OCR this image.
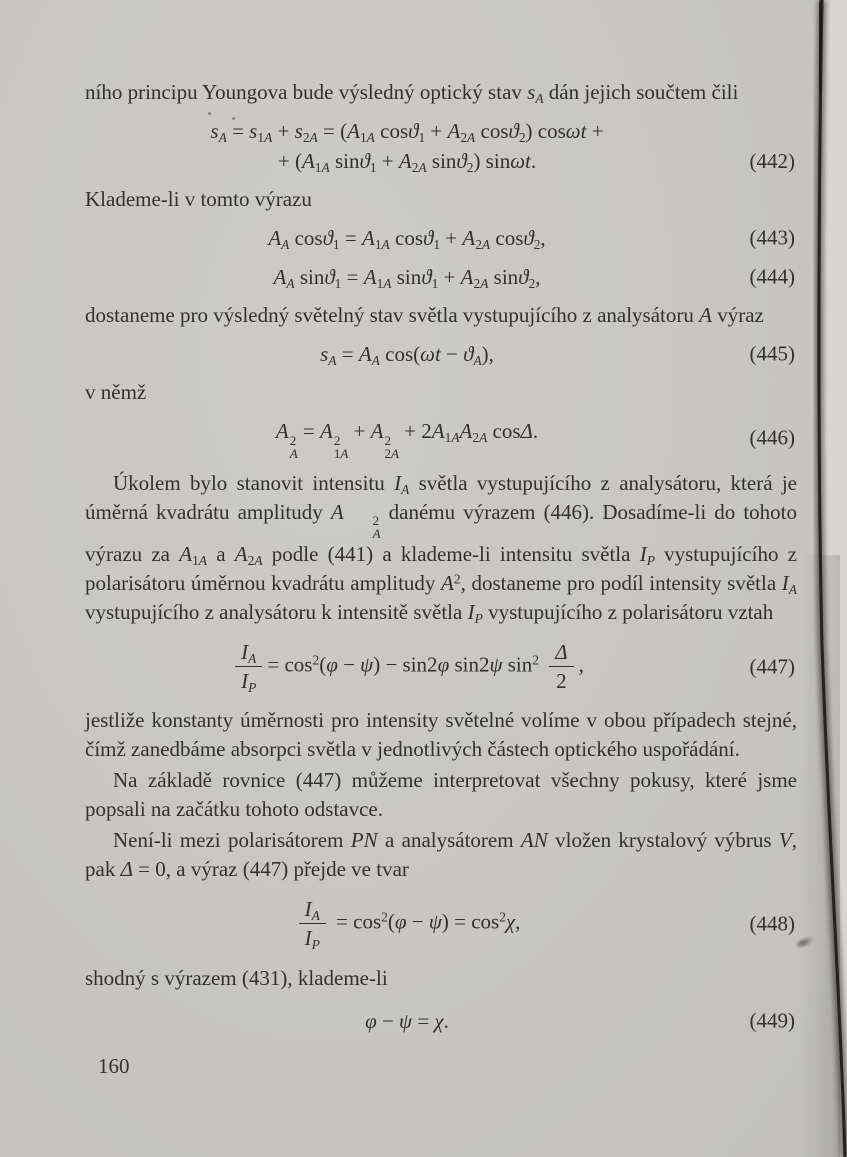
ního principu Youngova bude výsledný optický stav $s_A$ dán jejich součtem čili
$s_A = s_{1A} + s_{2A} = (A_{1A}$ $\cos ϑ_1 + A_{2A}$ cosϑ$_2$) cosωt +
+ ($A_{1A}$ $\sin ϑ_1 + A_{2A}$ sinϑ$_2$) sinωt.	(442)
Klademe-li v tomto výrazu
$A_A$ $\cos ϑ_1 = A_{1A}$ $\cos ϑ_1 + A_{2A}$ cosϑ$_2$,	(443)
$A_A$ $\sin ϑ_1 = A_{1A}$ $\sin ϑ_1 + A_{2A}$ sinϑ$_2$,	(444)
dostaneme pro výsledný světelný stav světla vystupujícího z analysátoru A výraz
$s_A = A_A$ $\cos(\omega t - ϑ_A)$,	(445)
v němž
A 2
A
= A 2
1A
+ A 2
2A
+ $2A_{1A}A_{2A}$ cosΔ.	(446)
Úkolem bylo stanovit intensitu $I_A$ světla vystupujícího z analysátoru, která je úměrná kvadrátu amplitudy A	2
A
danému výrazem (446). Dosadíme-li do tohoto výrazu za $A_{1A}$ a $A_{2A}$ podle (441) a klademe-li intensitu světla $I_P$ vystupujícího z polarisátoru úměrnou kvadrátu amplitudy $A^2$, dostaneme pro podíl intensity světla $I_A$ vystupujícího z analysátoru k intensitě světla $I_P$ vystupujícího z polarisátoru vztah
$\frac{I_A}{I_P} = \cos^2(\varphi - \psi) - \sin 2\varphi$ sin2ψ $\sin^2 \frac{\Delta}{2}$ ,	(447)
jestliže konstanty úměrnosti pro intensity světelné volíme v obou případech stejné, čímž zanedbáme absorpci světla v jednotlivých částech optického uspořádání.
Na základě rovnice (447) můžeme interpretovat všechny pokusy, které jsme popsali na začátku tohoto odstavce.
Není-li mezi polarisátorem PN a analysátorem AN vložen krystalový výbrus V, pak Δ = 0, a výraz (447) přejde ve tvar
$\frac{I_A}{I_P} = \cos^2(\varphi - \psi) = \cos^2\chi$,	(448)
shodný s výrazem (431), klademe-li
φ − ψ = χ.	(449)
160
